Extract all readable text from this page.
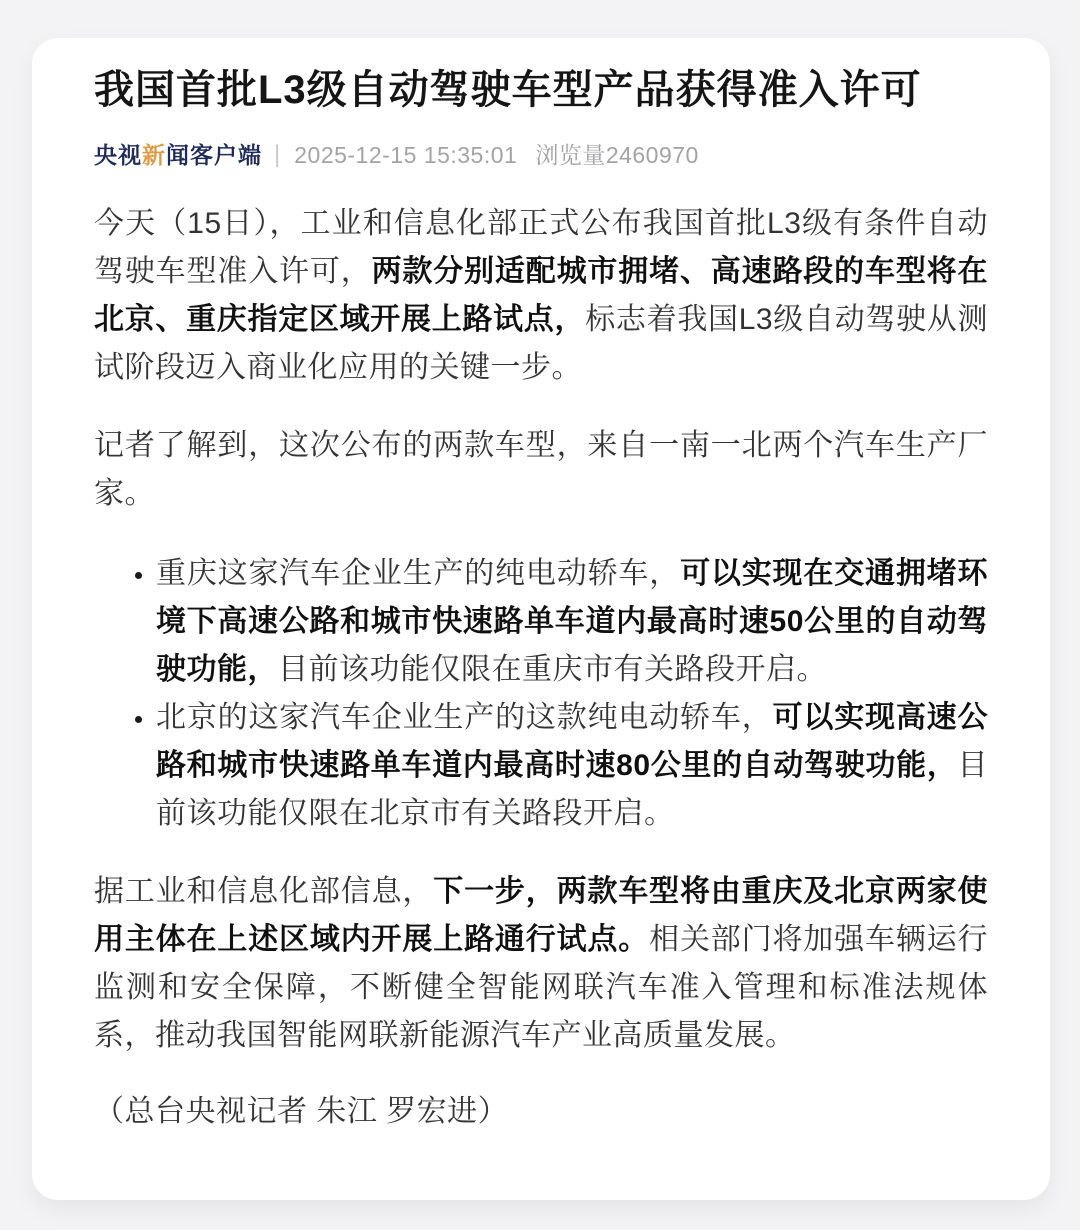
我国首批L3级自动驾驶车型产品获得准入许可
央视新闻客户端 | 2025-12-15 15:35:01 浏览量2460970

今天（15日），工业和信息化部正式公布我国首批L3级有条件自动驾驶车型准入许可，两款分别适配城市拥堵、高速路段的车型将在北京、重庆指定区域开展上路试点，标志着我国L3级自动驾驶从测试阶段迈入商业化应用的关键一步。

记者了解到，这次公布的两款车型，来自一南一北两个汽车生产厂家。

• 重庆这家汽车企业生产的纯电动轿车，可以实现在交通拥堵环境下高速公路和城市快速路单车道内最高时速50公里的自动驾驶功能，目前该功能仅限在重庆市有关路段开启。
• 北京的这家汽车企业生产的这款纯电动轿车，可以实现高速公路和城市快速路单车道内最高时速80公里的自动驾驶功能，目前该功能仅限在北京市有关路段开启。

据工业和信息化部信息，下一步，两款车型将由重庆及北京两家使用主体在上述区域内开展上路通行试点。相关部门将加强车辆运行监测和安全保障，不断健全智能网联汽车准入管理和标准法规体系，推动我国智能网联新能源汽车产业高质量发展。

（总台央视记者 朱江 罗宏进）
